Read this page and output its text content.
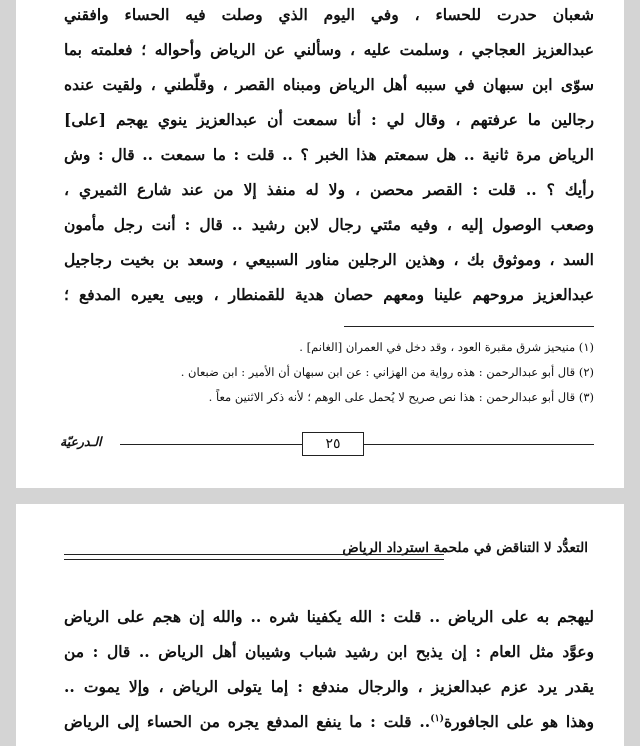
شعبان حدرت للحساء ، وفي اليوم الذي وصلت فيه الحساء وافقني
عبدالعزيز العجاجي ، وسلمت عليه ، وسألني عن الرياض وأحواله ؛ فعلمته بما
سوّى ابن سبهان في سببه أهل الرياض ومبناه القصر ، وقلّطني ، ولقيت عنده
رجالين ما عرفتهم ، وقال لي : أنا سمعت أن عبدالعزيز ينوي يهجم [على]
الرياض مرة ثانية .. هل سمعتم هذا الخبر ؟ .. قلت : ما سمعت .. قال : وش
رأيك ؟ .. قلت : القصر محصن ، ولا له منفذ إلا من عند شارع الثميري ،
وصعب الوصول إليه ، وفيه مئتي رجال لابن رشيد .. قال : أنت رجل مأمون
السد ، وموثوق بك ، وهذين الرجلين مناور السبيعي ، وسعد بن بخيت رجاجيل
عبدالعزيز مروحهم علينا ومعهم حصان هدية للقمنطار ، وبيى يعيره المدفع ؛
(١) منيحيز شرق مقبرة العود ، وقد دخل في العمران [الغانم] .
(٢) قال أبو عبدالرحمن : هذه رواية من الهزاني : عن ابن سبهان أن الأمير : ابن ضبعان .
(٣) قال أبو عبدالرحمن : هذا نص صريح لا يُحمل على الوهم ؛ لأنه ذكر الاثنين معاً .
الـدرعيّة	٢٥
التعدُّد لا التناقض في ملحمة استرداد الرياض
ليهجم به على الرياض .. قلت : الله يكفينا شره .. والله إن هجم على الرياض
وعوَّد مثل العام : إن يذبح ابن رشيد شباب وشيبان أهل الرياض .. قال : من
يقدر يرد عزم عبدالعزيز ، والرجال مندفع : إما يتولى الرياض ، وإلا يموت ..
وهذا هو على الجافورة$^{(١)}$.. قلت : ما ينفع المدفع يجره من الحساء إلى الرياض
